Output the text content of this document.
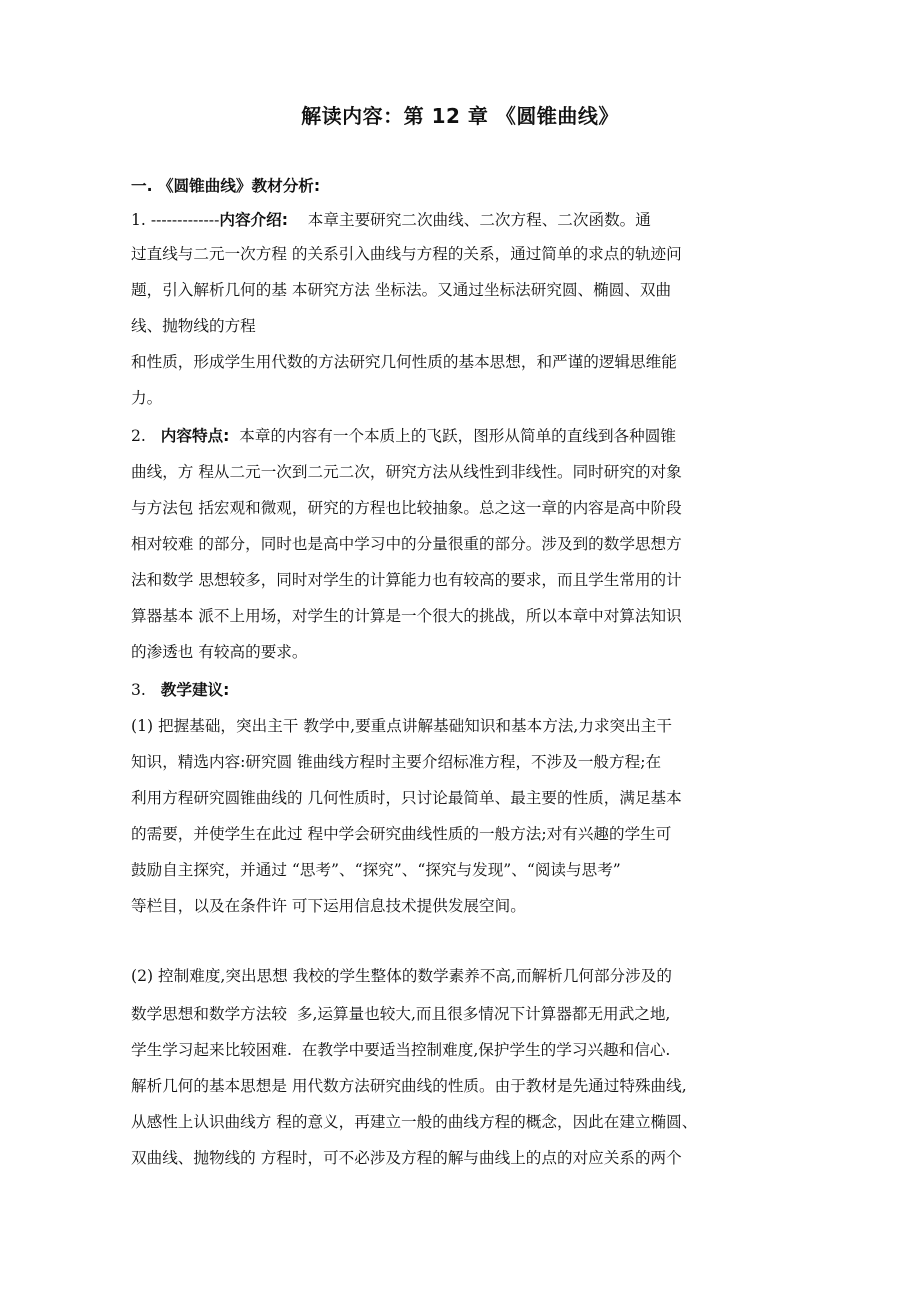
解读内容：第 12 章 《圆锥曲线》
一. 《圆锥曲线》教材分析:
1. -------------内容介绍:    本章主要研究二次曲线、二次方程、二次函数。通
过直线与二元一次方程 的关系引入曲线与方程的关系，通过简单的求点的轨迹问
题，引入解析几何的基 本研究方法 坐标法。又通过坐标法研究圆、椭圆、双曲
线、抛物线的方程
和性质，形成学生用代数的方法研究几何性质的基本思想，和严谨的逻辑思维能
力。
2.   内容特点:  本章的内容有一个本质上的飞跃，图形从简单的直线到各种圆锥
曲线，方 程从二元一次到二元二次，研究方法从线性到非线性。同时研究的对象
与方法包 括宏观和微观，研究的方程也比较抽象。总之这一章的内容是高中阶段
相对较难 的部分，同时也是高中学习中的分量很重的部分。涉及到的数学思想方
法和数学 思想较多，同时对学生的计算能力也有较高的要求，而且学生常用的计
算器基本 派不上用场，对学生的计算是一个很大的挑战，所以本章中对算法知识
的渗透也 有较高的要求。
3.   教学建议:
(1) 把握基础，突出主干 教学中,要重点讲解基础知识和基本方法,力求突出主干
知识，精选内容:研究圆 锥曲线方程时主要介绍标准方程，不涉及一般方程;在
利用方程研究圆锥曲线的 几何性质时，只讨论最简单、最主要的性质，满足基本
的需要，并使学生在此过 程中学会研究曲线性质的一般方法;对有兴趣的学生可
鼓励自主探究，并通过 “思考”、“探究”、“探究与发现”、“阅读与思考”
等栏目，以及在条件许 可下运用信息技术提供发展空间。
(2) 控制难度,突出思想 我校的学生整体的数学素养不高,而解析几何部分涉及的
数学思想和数学方法较  多,运算量也较大,而且很多情况下计算器都无用武之地,
学生学习起来比较困难.  在教学中要适当控制难度,保护学生的学习兴趣和信心.
解析几何的基本思想是 用代数方法研究曲线的性质。由于教材是先通过特殊曲线,
从感性上认识曲线方 程的意义，再建立一般的曲线方程的概念，因此在建立椭圆、
双曲线、抛物线的 方程时，可不必涉及方程的解与曲线上的点的对应关系的两个
